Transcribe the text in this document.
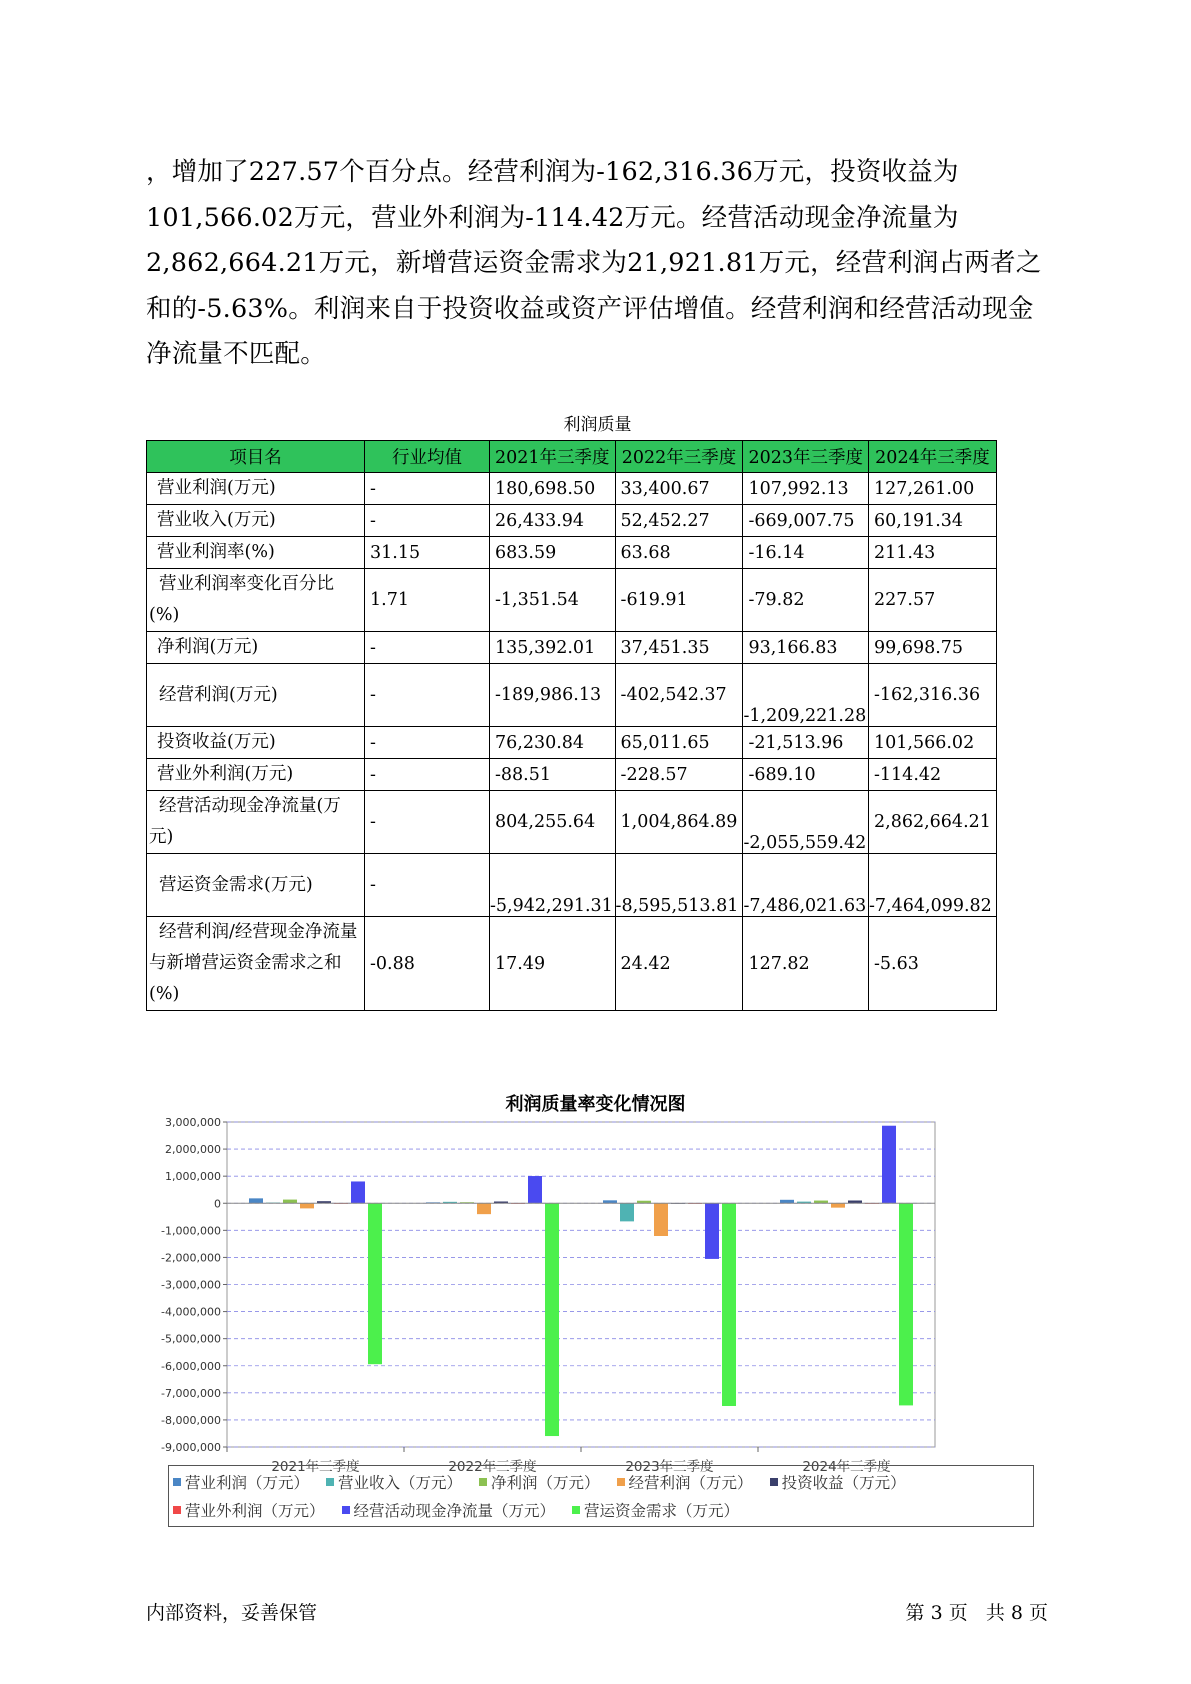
，增加了227.57个百分点。经营利润为-162,316.36万元，投资收益为101,566.02万元，营业外利润为-114.42万元。经营活动现金净流量为2,862,664.21万元，新增营运资金需求为21,921.81万元，经营利润占两者之和的-5.63%。利润来自于投资收益或资产评估增值。经营利润和经营活动现金净流量不匹配。

利润质量
项目名	行业均值	2021年三季度	2022年三季度	2023年三季度	2024年三季度
营业利润(万元)	-	180,698.50	33,400.67	107,992.13	127,261.00
营业收入(万元)	-	26,433.94	52,452.27	-669,007.75	60,191.34
营业利润率(%)	31.15	683.59	63.68	-16.14	211.43
营业利润率变化百分比(%)	1.71	-1,351.54	-619.91	-79.82	227.57
净利润(万元)	-	135,392.01	37,451.35	93,166.83	99,698.75
经营利润(万元)	-	-189,986.13	-402,542.37	-1,209,221.28	-162,316.36
投资收益(万元)	-	76,230.84	65,011.65	-21,513.96	101,566.02
营业外利润(万元)	-	-88.51	-228.57	-689.10	-114.42
经营活动现金净流量(万元)	-	804,255.64	1,004,864.89	-2,055,559.42	2,862,664.21
营运资金需求(万元)	-	-5,942,291.31	-8,595,513.81	-7,486,021.63	-7,464,099.82
经营利润/经营现金净流量与新增营运资金需求之和(%)	-0.88	17.49	24.42	127.82	-5.63
利润质量率变化情况图
3,000,000
2,000,000
1,000,000
0
-1,000,000
-2,000,000
-3,000,000
-4,000,000
-5,000,000
-6,000,000
-7,000,000
-8,000,000
-9,000,000
2021年三季度	2022年三季度	2023年三季度	2024年三季度
营业利润（万元） 营业收入（万元） 净利润（万元） 经营利润（万元） 投资收益（万元）
营业外利润（万元） 经营活动现金净流量（万元） 营运资金需求（万元）
内部资料，妥善保管	第 3 页   共 8 页
